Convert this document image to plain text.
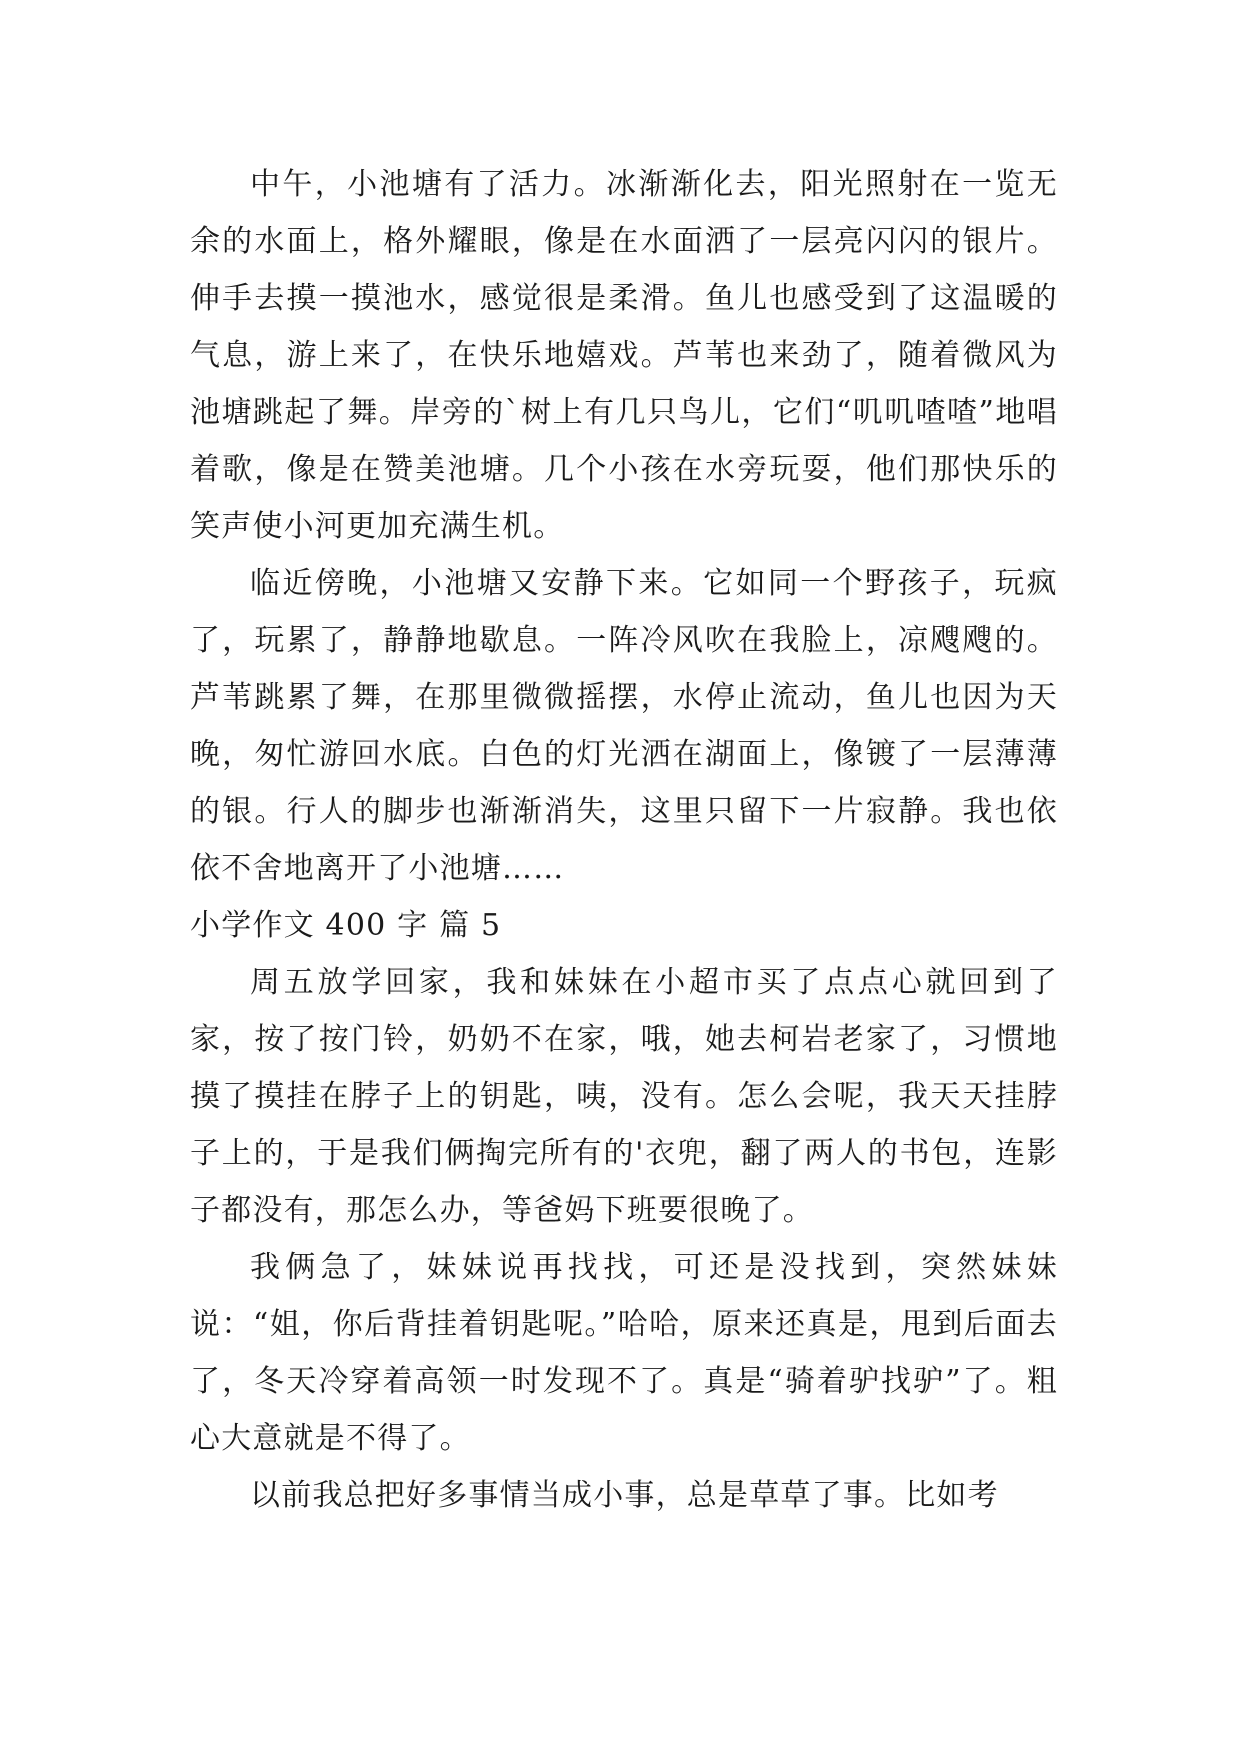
中午，小池塘有了活力。冰渐渐化去，阳光照射在一览无余的水面上，格外耀眼，像是在水面洒了一层亮闪闪的银片。伸手去摸一摸池水，感觉很是柔滑。鱼儿也感受到了这温暖的气息，游上来了，在快乐地嬉戏。芦苇也来劲了，随着微风为池塘跳起了舞。岸旁的`树上有几只鸟儿，它们“叽叽喳喳”地唱着歌，像是在赞美池塘。几个小孩在水旁玩耍，他们那快乐的笑声使小河更加充满生机。

临近傍晚，小池塘又安静下来。它如同一个野孩子，玩疯了，玩累了，静静地歇息。一阵冷风吹在我脸上，凉飕飕的。芦苇跳累了舞，在那里微微摇摆，水停止流动，鱼儿也因为天晚，匆忙游回水底。白色的灯光洒在湖面上，像镀了一层薄薄的银。行人的脚步也渐渐消失，这里只留下一片寂静。我也依依不舍地离开了小池塘……

小学作文 400 字 篇 5

周五放学回家，我和妹妹在小超市买了点点心就回到了家，按了按门铃，奶奶不在家，哦，她去柯岩老家了，习惯地摸了摸挂在脖子上的钥匙，咦，没有。怎么会呢，我天天挂脖子上的，于是我们俩掏完所有的'衣兜，翻了两人的书包，连影子都没有，那怎么办，等爸妈下班要很晚了。

我俩急了，妹妹说再找找，可还是没找到，突然妹妹说：“姐，你后背挂着钥匙呢。”哈哈，原来还真是，甩到后面去了，冬天冷穿着高领一时发现不了。真是“骑着驴找驴”了。粗心大意就是不得了。

以前我总把好多事情当成小事，总是草草了事。比如考
